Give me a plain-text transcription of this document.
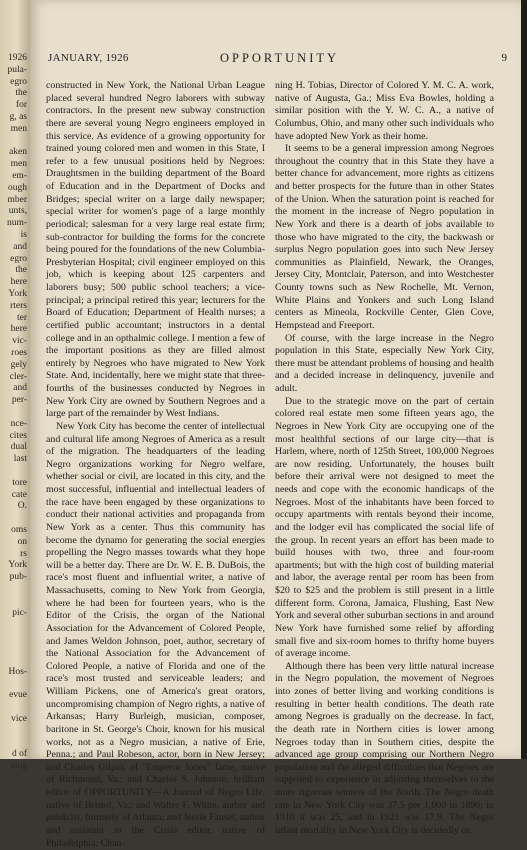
1926
pula-
egro
the
for
g, as
men
aken
men
em-
ough
mber
unts,
num-
is
and
egro
the
here
York
rters
ter
here
vic-
roes
gely
cler-
and
per-
nce-
cites
dual
last
tore
cate
O.
oms
on
rs
York
pub-
pic-
Hos-
evue
vice
d of
eing
JANUARY, 1926	OPPORTUNITY	9

constructed in New York, the National Urban League placed several hundred Negro laborers with subway contractors. In the present new subway construction there are several young Negro engineers employed in this service. As evidence of a growing opportunity for trained young colored men and women in this State, I refer to a few unusual positions held by Negroes: Draughtsmen in the building department of the Board of Education and in the Department of Docks and Bridges; special writer on a large daily newspaper; special writer for women's page of a large monthly periodical; salesman for a very large real estate firm; sub-contractor for building the forms for the concrete being poured for the foundations of the new Columbia-Presbyterian Hospital; civil engineer employed on this job, which is keeping about 125 carpenters and laborers busy; 500 public school teachers; a vice-principal; a principal retired this year; lecturers for the Board of Education; Department of Health nurses; a certified public accountant; instructors in a dental college and in an opthalmic college. I mention a few of the important positions as they are filled almost entirely by Negroes who have migrated to New York State. And, incidentally, here we might state that three-fourths of the businesses conducted by Negroes in New York City are owned by Southern Negroes and a large part of the remainder by West Indians.

New York City has become the center of intellectual and cultural life among Negroes of America as a result of the migration. The headquarters of the leading Negro organizations working for Negro welfare, whether social or civil, are located in this city, and the most successful, influential and intellectual leaders of the race have been engaged by these organizations to conduct their national activities and propaganda from New York as a center. Thus this community has become the dynamo for generating the social energies propelling the Negro masses towards what they hope will be a better day. There are Dr. W. E. B. DuBois, the race's most fluent and influential writer, a native of Massachusetts, coming to New York from Georgia, where he had been for fourteen years, who is the Editor of the Crisis, the organ of the National Association for the Advancement of Colored People, and James Weldon Johnson, poet, author, secretary of the National Association for the Advancement of Colored People, a native of Florida and one of the race's most trusted and serviceable leaders; and William Pickens, one of America's great orators, uncompromising champion of Negro rights, a native of Arkansas; Harry Burleigh, musician, composer, baritone in St. George's Choir, known for his musical works, not as a Negro musician, a native of Erie, Penna.; and Paul Robeson, actor, born in New Jersey; and Charles Gilpin, of "Emperor Jones" fame, native of Richmond, Va.; and Charles S. Johnson, brilliant editor of OPPORTUNITY—A Journal of Negro Life, native of Bristol, Va.; and Walter F. White, author and publicist, formerly of Atlanta; and Jessie Fauset, author and assistant to the Crisis editor, native of Philadelphia; Chan-

ning H. Tobias, Director of Colored Y. M. C. A. work, native of Augusta, Ga.; Miss Eva Bowles, holding a similar position with the Y. W. C. A., a native of Columbus, Ohio, and many other such individuals who have adopted New York as their home.

It seems to be a general impression among Negroes throughout the country that in this State they have a better chance for advancement, more rights as citizens and better prospects for the future than in other States of the Union. When the saturation point is reached for the moment in the increase of Negro population in New York and there is a dearth of jobs available to those who have migrated to the city, the backwash or surplus Negro population goes into such New Jersey communities as Plainfield, Newark, the Oranges, Jersey City, Montclair, Paterson, and into Westchester County towns such as New Rochelle, Mt. Vernon, White Plains and Yonkers and such Long Island centers as Mineola, Rockville Center, Glen Cove, Hempstead and Freeport.

Of course, with the large increase in the Negro population in this State, especially New York City, there must be attendant problems of housing and health and a decided increase in delinquency, juvenile and adult.

Due to the strategic move on the part of certain colored real estate men some fifteen years ago, the Negroes in New York City are occupying one of the most healthful sections of our large city—that is Harlem, where, north of 125th Street, 100,000 Negroes are now residing. Unfortunately, the houses built before their arrival were not designed to meet the needs and cope with the economic handicaps of the Negroes. Most of the inhabitants have been forced to occupy apartments with rentals beyond their income, and the lodger evil has complicated the social life of the group. In recent years an effort has been made to build houses with two, three and four-room apartments; but with the high cost of building material and labor, the average rental per room has been from $20 to $25 and the problem is still present in a little different form. Corona, Jamaica, Flushing, East New York and several other suburban sections in and around New York have furnished some relief by affording small five and six-room homes to thrifty home buyers of average income.

Although there has been very little natural increase in the Negro population, the movement of Negroes into zones of better living and working conditions is resulting in better health conditions. The death rate among Negroes is gradually on the decrease. In fact, the death rate in Northern cities is lower among Negroes today than in Southern cities, despite the advanced age group comprising our Northern Negro population and the alleged difficulties that Negroes are supposed to experience in adjusting themselves to the more rigorous winters of the North. The Negro death rate in New York City was 37.5 per 1,000 in 1890; in 1910 it was 25, and in 1921 was 17.9. The Negro infant mortality in New York City is decidedly on
